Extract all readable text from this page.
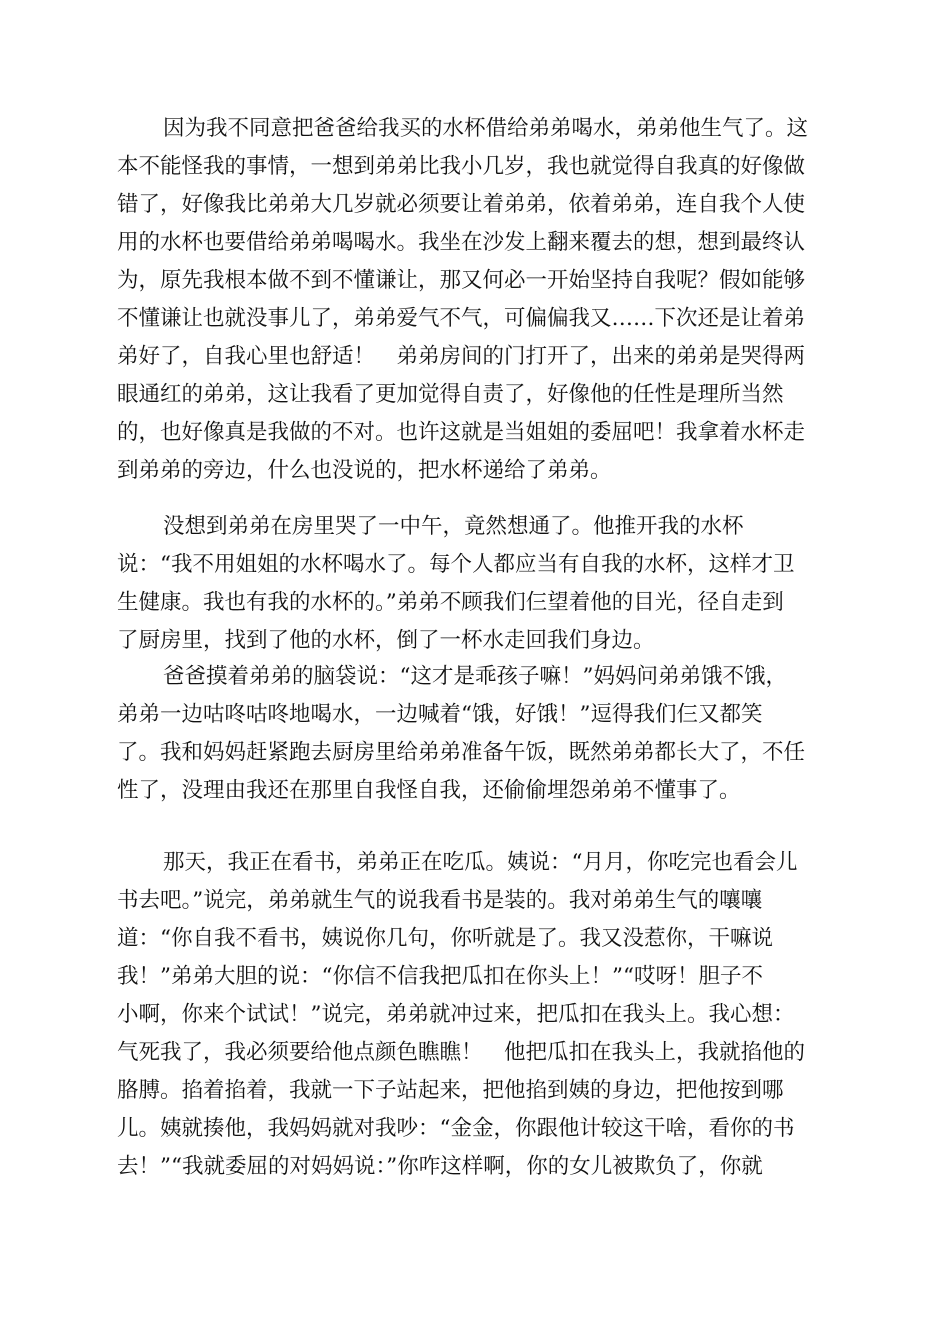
因为我不同意把爸爸给我买的水杯借给弟弟喝水，弟弟他生气了。这
本不能怪我的事情，一想到弟弟比我小几岁，我也就觉得自我真的好像做
错了，好像我比弟弟大几岁就必须要让着弟弟，依着弟弟，连自我个人使
用的水杯也要借给弟弟喝喝水。我坐在沙发上翻来覆去的想，想到最终认
为，原先我根本做不到不懂谦让，那又何必一开始坚持自我呢？假如能够
不懂谦让也就没事儿了，弟弟爱气不气，可偏偏我又……下次还是让着弟
弟好了，自我心里也舒适！　弟弟房间的门打开了，出来的弟弟是哭得两
眼通红的弟弟，这让我看了更加觉得自责了，好像他的任性是理所当然
的，也好像真是我做的不对。也许这就是当姐姐的委屈吧！我拿着水杯走
到弟弟的旁边，什么也没说的，把水杯递给了弟弟。
没想到弟弟在房里哭了一中午，竟然想通了。他推开我的水杯
说：“我不用姐姐的水杯喝水了。每个人都应当有自我的水杯，这样才卫
生健康。我也有我的水杯的。”弟弟不顾我们仨望着他的目光，径自走到
了厨房里，找到了他的水杯，倒了一杯水走回我们身边。
爸爸摸着弟弟的脑袋说：“这才是乖孩子嘛！”妈妈问弟弟饿不饿，
弟弟一边咕咚咕咚地喝水，一边喊着“饿，好饿！”逗得我们仨又都笑
了。我和妈妈赶紧跑去厨房里给弟弟准备午饭，既然弟弟都长大了，不任
性了，没理由我还在那里自我怪自我，还偷偷埋怨弟弟不懂事了。
那天，我正在看书，弟弟正在吃瓜。姨说：“月月，你吃完也看会儿
书去吧。”说完，弟弟就生气的说我看书是装的。我对弟弟生气的嚷嚷
道：“你自我不看书，姨说你几句，你听就是了。我又没惹你，干嘛说
我！”弟弟大胆的说：“你信不信我把瓜扣在你头上！”“哎呀！胆子不
小啊，你来个试试！”说完，弟弟就冲过来，把瓜扣在我头上。我心想：
气死我了，我必须要给他点颜色瞧瞧！　他把瓜扣在我头上，我就掐他的
胳膊。掐着掐着，我就一下子站起来，把他掐到姨的身边，把他按到哪
儿。姨就揍他，我妈妈就对我吵：“金金，你跟他计较这干啥，看你的书
去！”“我就委屈的对妈妈说：”你咋这样啊，你的女儿被欺负了，你就
